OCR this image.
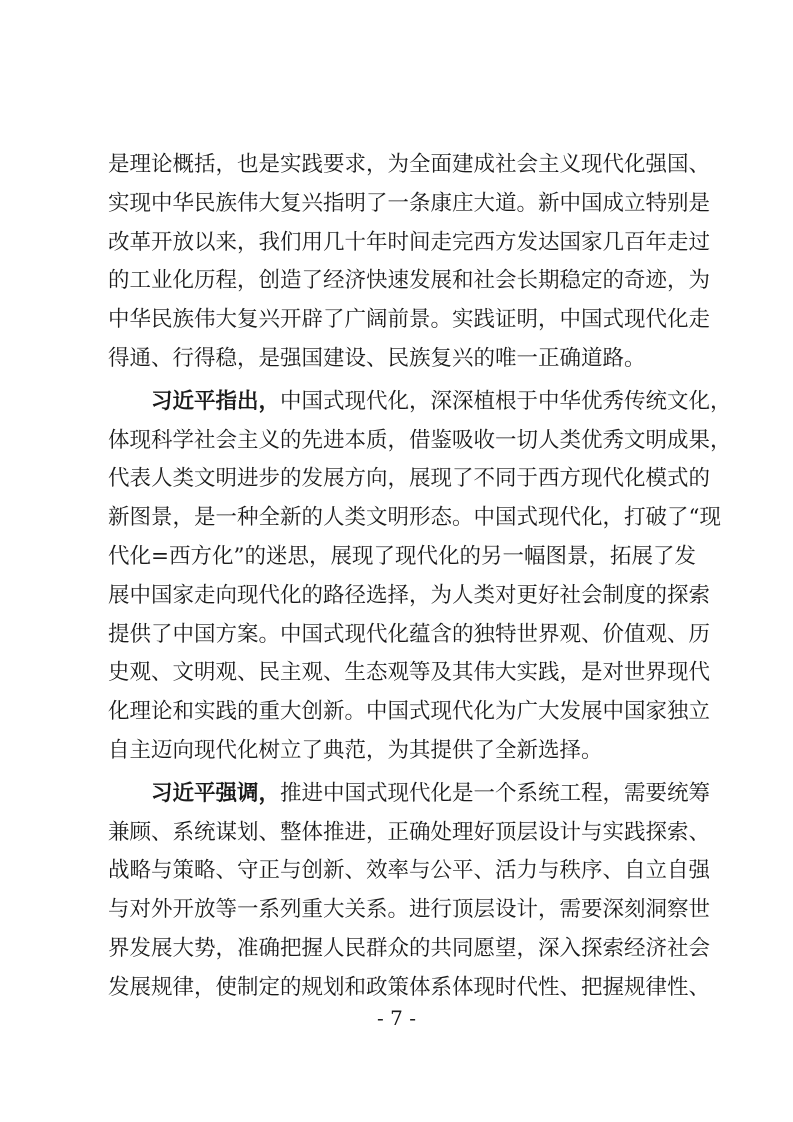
是理论概括，也是实践要求，为全面建成社会主义现代化强国、
实现中华民族伟大复兴指明了一条康庄大道。新中国成立特别是
改革开放以来，我们用几十年时间走完西方发达国家几百年走过
的工业化历程，创造了经济快速发展和社会长期稳定的奇迹，为
中华民族伟大复兴开辟了广阔前景。实践证明，中国式现代化走
得通、行得稳，是强国建设、民族复兴的唯一正确道路。
习近平指出，中国式现代化，深深植根于中华优秀传统文化，
体现科学社会主义的先进本质，借鉴吸收一切人类优秀文明成果，
代表人类文明进步的发展方向，展现了不同于西方现代化模式的
新图景，是一种全新的人类文明形态。中国式现代化，打破了“现
代化=西方化”的迷思，展现了现代化的另一幅图景，拓展了发
展中国家走向现代化的路径选择，为人类对更好社会制度的探索
提供了中国方案。中国式现代化蕴含的独特世界观、价值观、历
史观、文明观、民主观、生态观等及其伟大实践，是对世界现代
化理论和实践的重大创新。中国式现代化为广大发展中国家独立
自主迈向现代化树立了典范，为其提供了全新选择。
习近平强调，推进中国式现代化是一个系统工程，需要统筹
兼顾、系统谋划、整体推进，正确处理好顶层设计与实践探索、
战略与策略、守正与创新、效率与公平、活力与秩序、自立自强
与对外开放等一系列重大关系。进行顶层设计，需要深刻洞察世
界发展大势，准确把握人民群众的共同愿望，深入探索经济社会
发展规律，使制定的规划和政策体系体现时代性、把握规律性、
- 7 -
